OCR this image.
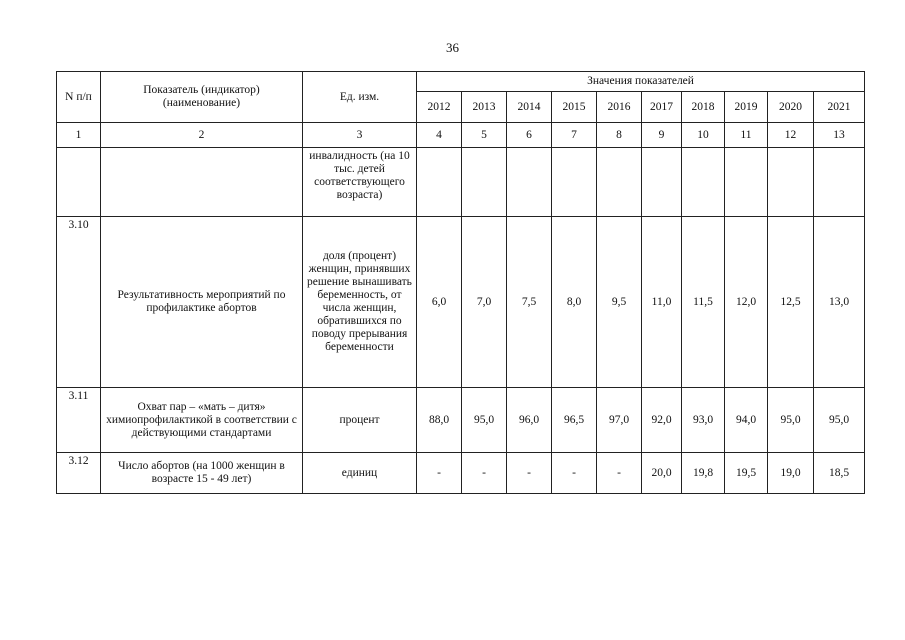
36
N п/п	Показатель (индикатор) (наименование)	Ед. изм.	Значения показателей									
			2012	2013	2014	2015	2016	2017	2018	2019	2020	2021
1	2	3	4	5	6	7	8	9	10	11	12	13
		инвалидность (на 10 тыс. детей соответствующего возраста)										
3.10	Результативность мероприятий по профилактике абортов	доля (процент) женщин, принявших решение вынашивать беременность, от числа женщин, обратившихся по поводу прерывания беременности	6,0	7,0	7,5	8,0	9,5	11,0	11,5	12,0	12,5	13,0
3.11	Охват пар – «мать – дитя» химиопрофилактикой в соответствии с действующими стандартами	процент	88,0	95,0	96,0	96,5	97,0	92,0	93,0	94,0	95,0	95,0
3.12	Число абортов (на 1000 женщин в возрасте 15 - 49 лет)	единиц	-	-	-	-	-	20,0	19,8	19,5	19,0	18,5
